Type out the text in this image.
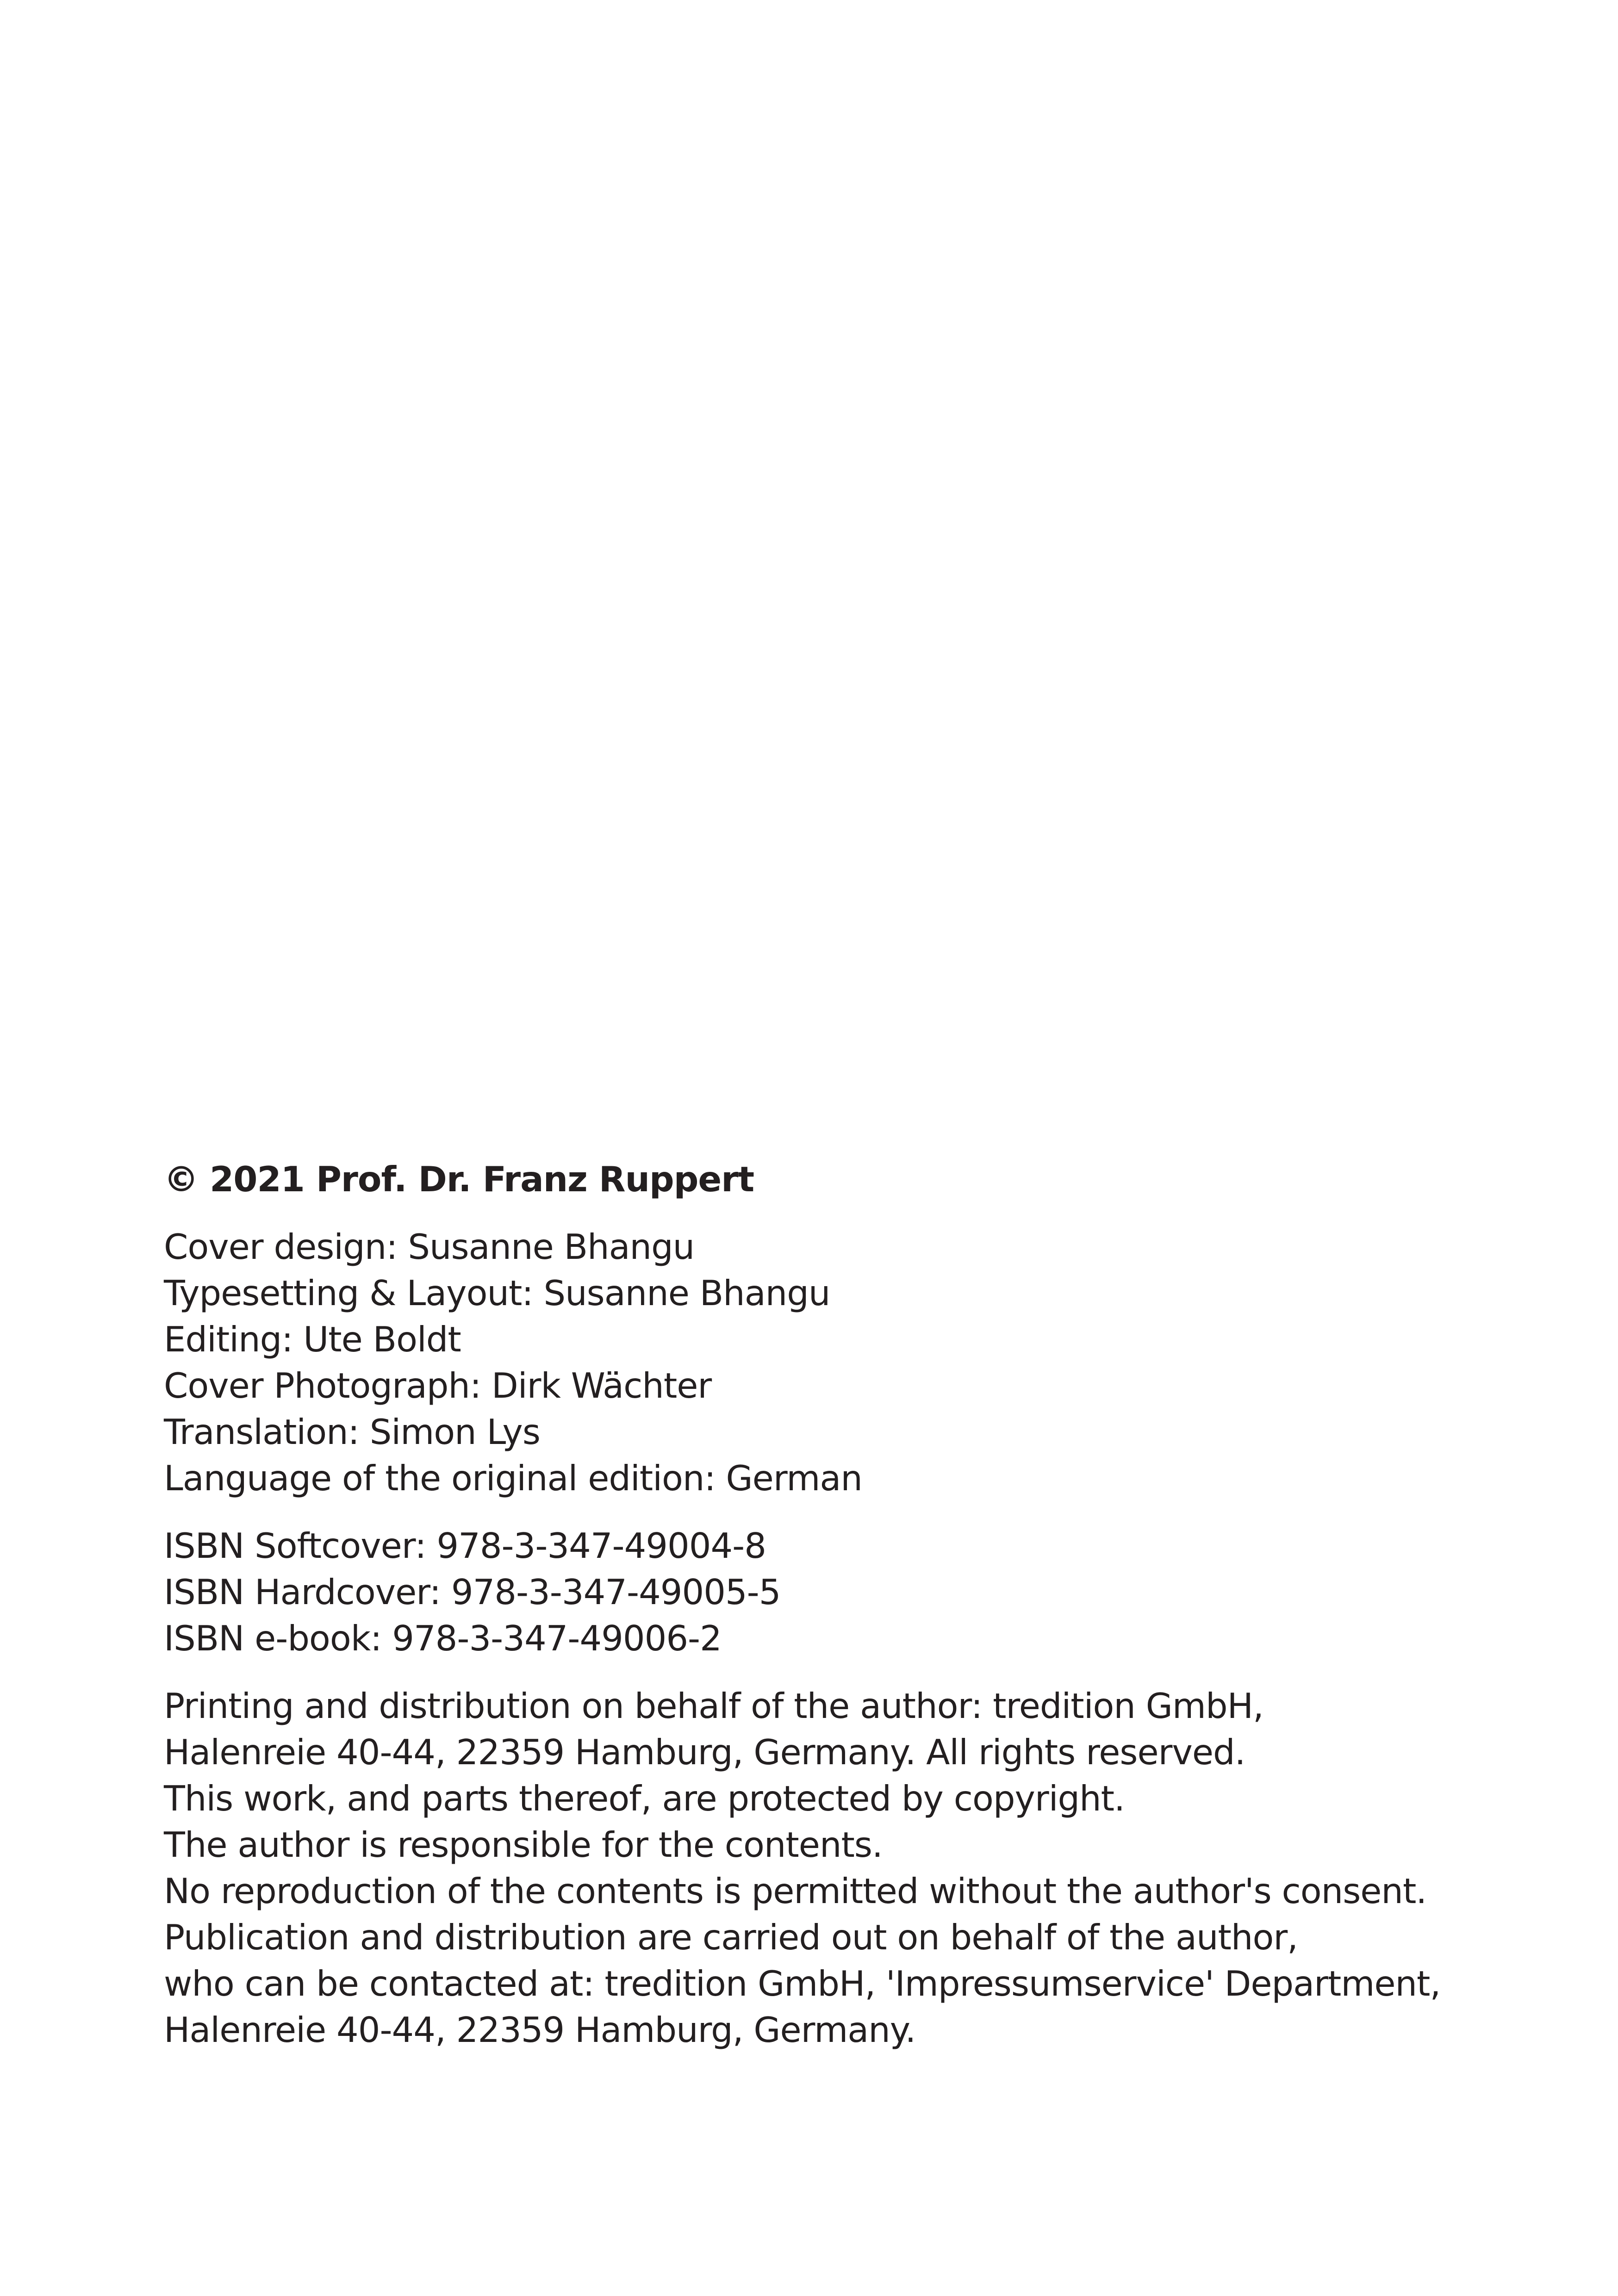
© 2021 Prof. Dr. Franz Ruppert
Cover design: Susanne Bhangu
Typesetting & Layout: Susanne Bhangu
Editing: Ute Boldt
Cover Photograph: Dirk Wächter
Translation: Simon Lys
Language of the original edition: German
ISBN Softcover: 978-3-347-49004-8
ISBN Hardcover: 978-3-347-49005-5
ISBN e-book: 978-3-347-49006-2
Printing and distribution on behalf of the author: tredition GmbH,
Halenreie 40-44, 22359 Hamburg, Germany. All rights reserved.
This work, and parts thereof, are protected by copyright.
The author is responsible for the contents.
No reproduction of the contents is permitted without the author's consent.
Publication and distribution are carried out on behalf of the author,
who can be contacted at: tredition GmbH, 'Impressumservice' Department,
Halenreie 40-44, 22359 Hamburg, Germany.
